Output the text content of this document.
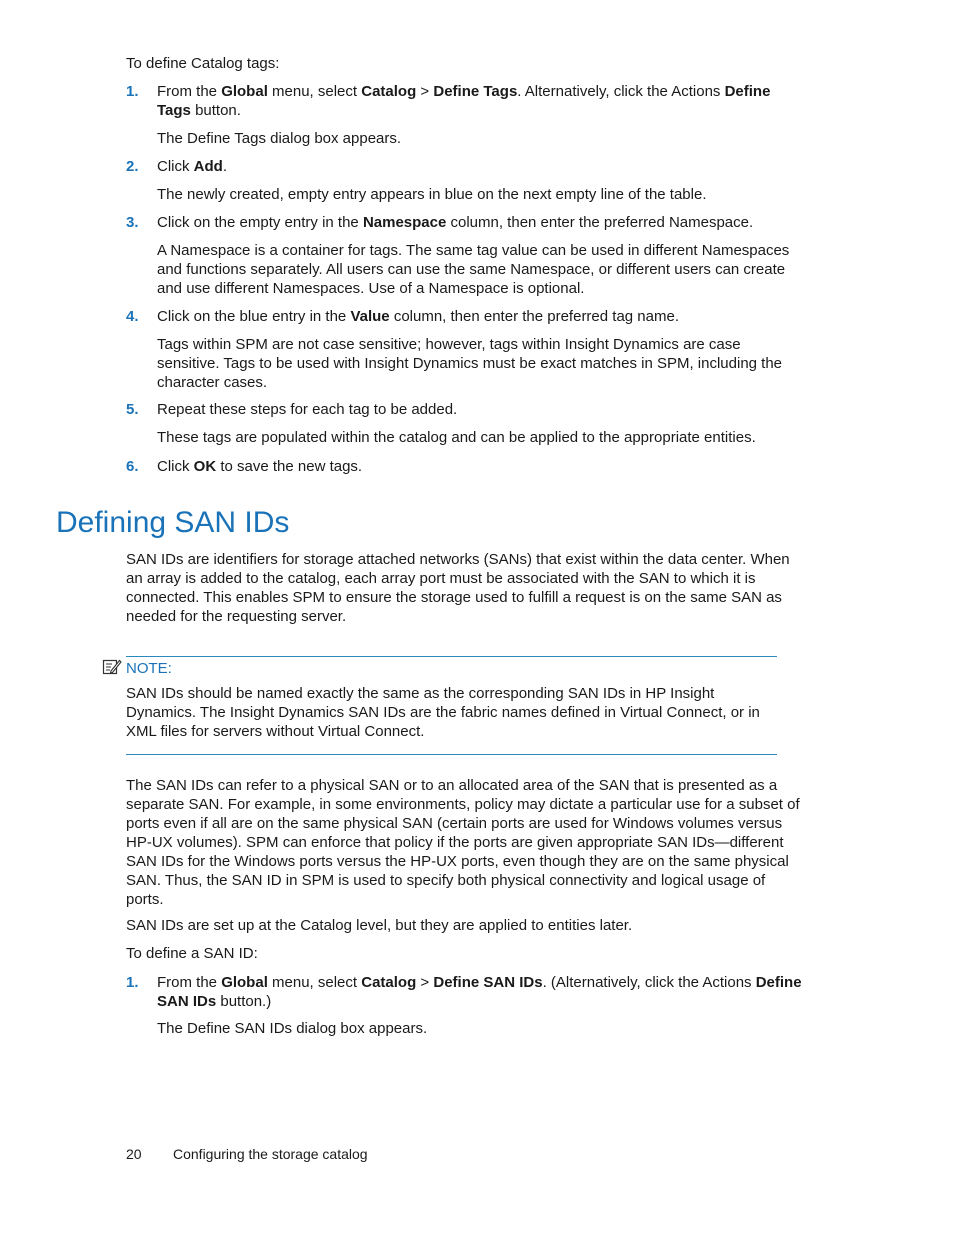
To define Catalog tags:

1. From the Global menu, select Catalog > Define Tags. Alternatively, click the Actions Define Tags button.

The Define Tags dialog box appears.

2. Click Add.

The newly created, empty entry appears in blue on the next empty line of the table.

3. Click on the empty entry in the Namespace column, then enter the preferred Namespace.

A Namespace is a container for tags. The same tag value can be used in different Namespaces and functions separately. All users can use the same Namespace, or different users can create and use different Namespaces. Use of a Namespace is optional.

4. Click on the blue entry in the Value column, then enter the preferred tag name.

Tags within SPM are not case sensitive; however, tags within Insight Dynamics are case sensitive. Tags to be used with Insight Dynamics must be exact matches in SPM, including the character cases.

5. Repeat these steps for each tag to be added.

These tags are populated within the catalog and can be applied to the appropriate entities.

6. Click OK to save the new tags.
Defining SAN IDs

SAN IDs are identifiers for storage attached networks (SANs) that exist within the data center. When an array is added to the catalog, each array port must be associated with the SAN to which it is connected. This enables SPM to ensure the storage used to fulfill a request is on the same SAN as needed for the requesting server.

NOTE:

SAN IDs should be named exactly the same as the corresponding SAN IDs in HP Insight Dynamics. The Insight Dynamics SAN IDs are the fabric names defined in Virtual Connect, or in XML files for servers without Virtual Connect.

The SAN IDs can refer to a physical SAN or to an allocated area of the SAN that is presented as a separate SAN. For example, in some environments, policy may dictate a particular use for a subset of ports even if all are on the same physical SAN (certain ports are used for Windows volumes versus HP-UX volumes). SPM can enforce that policy if the ports are given appropriate SAN IDs—different SAN IDs for the Windows ports versus the HP-UX ports, even though they are on the same physical SAN. Thus, the SAN ID in SPM is used to specify both physical connectivity and logical usage of ports.

SAN IDs are set up at the Catalog level, but they are applied to entities later.

To define a SAN ID:

1. From the Global menu, select Catalog > Define SAN IDs. (Alternatively, click the Actions Define SAN IDs button.)

The Define SAN IDs dialog box appears.

20 Configuring the storage catalog
